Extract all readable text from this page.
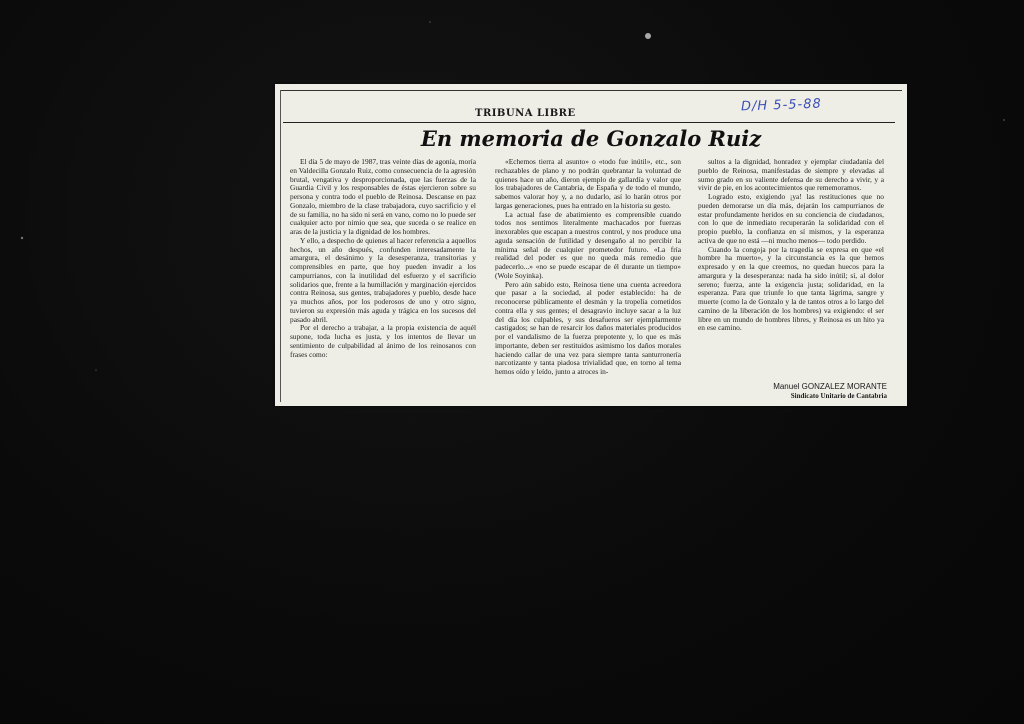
TRIBUNA LIBRE	D/H 5-5-88
En memoria de Gonzalo Ruiz

El día 5 de mayo de 1987, tras veinte días de agonía, moría en Valdecilla Gonzalo Ruiz, como consecuencia de la agresión brutal, vengativa y desproporcionada, que las fuerzas de la Guardia Civil y los responsables de éstas ejercieron sobre su persona y contra todo el pueblo de Reinosa. Descanse en paz Gonzalo, miembro de la clase trabajadora, cuyo sacrificio y el de su familia, no ha sido ni será en vano, como no lo puede ser cualquier acto por nimio que sea, que suceda o se realice en aras de la justicia y la dignidad de los hombres.

Y ello, a despecho de quienes al hacer referencia a aquellos hechos, un año después, confunden interesadamente la amargura, el desánimo y la desesperanza, transitorias y comprensibles en parte, que hoy pueden invadir a los campurrianos, con la inutilidad del esfuerzo y el sacrificio solidarios que, frente a la humillación y marginación ejercidos contra Reinosa, sus gentes, trabajadores y pueblo, desde hace ya muchos años, por los poderosos de uno y otro signo, tuvieron su expresión más aguda y trágica en los sucesos del pasado abril.

Por el derecho a trabajar, a la propia existencia de aquél supone, toda lucha es justa, y los intentos de llevar un sentimiento de culpabilidad al ánimo de los reinosanos con frases como:

«Echemos tierra al asunto» o «todo fue inútil», etc., son rechazables de plano y no podrán quebrantar la voluntad de quienes hace un año, dieron ejemplo de gallardía y valor que los trabajadores de Cantabria, de España y de todo el mundo, sabemos valorar hoy y, a no dudarlo, así lo harán otros por largas generaciones, pues ha entrado en la historia su gesto.

La actual fase de abatimiento es comprensible cuando todos nos sentimos literalmente machacados por fuerzas inexorables que escapan a nuestros control, y nos produce una aguda sensación de futilidad y desengaño al no percibir la mínima señal de cualquier prometedor futuro. «La fría realidad del poder es que no queda más remedio que padecerlo...» «no se puede escapar de él durante un tiempo» (Wole Soyinka).

Pero aún sabido esto, Reinosa tiene una cuenta acreedora que pasar a la sociedad, al poder establecido: ha de reconocerse públicamente el desmán y la tropelía cometidos contra ella y sus gentes; el desagravio incluye sacar a la luz del día los culpables, y sus desafueros ser ejemplarmente castigados; se han de resarcir los daños materiales producidos por el vandalismo de la fuerza prepotente y, lo que es más importante, deben ser restituidos asimismo los daños morales haciendo callar de una vez para siempre tanta santurronería narcotizante y tanta piadosa trivialidad que, en torno al tema hemos oído y leído, junto a atroces in-

sultos a la dignidad, honradez y ejemplar ciudadanía del pueblo de Reinosa, manifestadas de siempre y elevadas al sumo grado en su valiente defensa de su derecho a vivir, y a vivir de pie, en los acontecimientos que rememoramos.

Logrado esto, exigiendo ¡ya! las restituciones que no pueden demorarse un día más, dejarán los campurrianos de estar profundamente heridos en su conciencia de ciudadanos, con lo que de inmediato recuperarán la solidaridad con el propio pueblo, la confianza en sí mismos, y la esperanza activa de que no está —ni mucho menos— todo perdido.

Cuando la congoja por la tragedia se expresa en que «el hombre ha muerto», y la circunstancia es la que hemos expresado y en la que creemos, no quedan huecos para la amargura y la desesperanza: nada ha sido inútil; sí, al dolor sereno; fuerza, ante la exigencia justa; solidaridad, en la esperanza. Para que triunfe lo que tanta lágrima, sangre y muerte (como la de Gonzalo y la de tantos otros a lo largo del camino de la liberación de los hombres) va exigiendo: el ser libre en un mundo de hombres libres, y Reinosa es un hito ya en ese camino.

Manuel GONZALEZ MORANTE
Sindicato Unitario de Cantabria
